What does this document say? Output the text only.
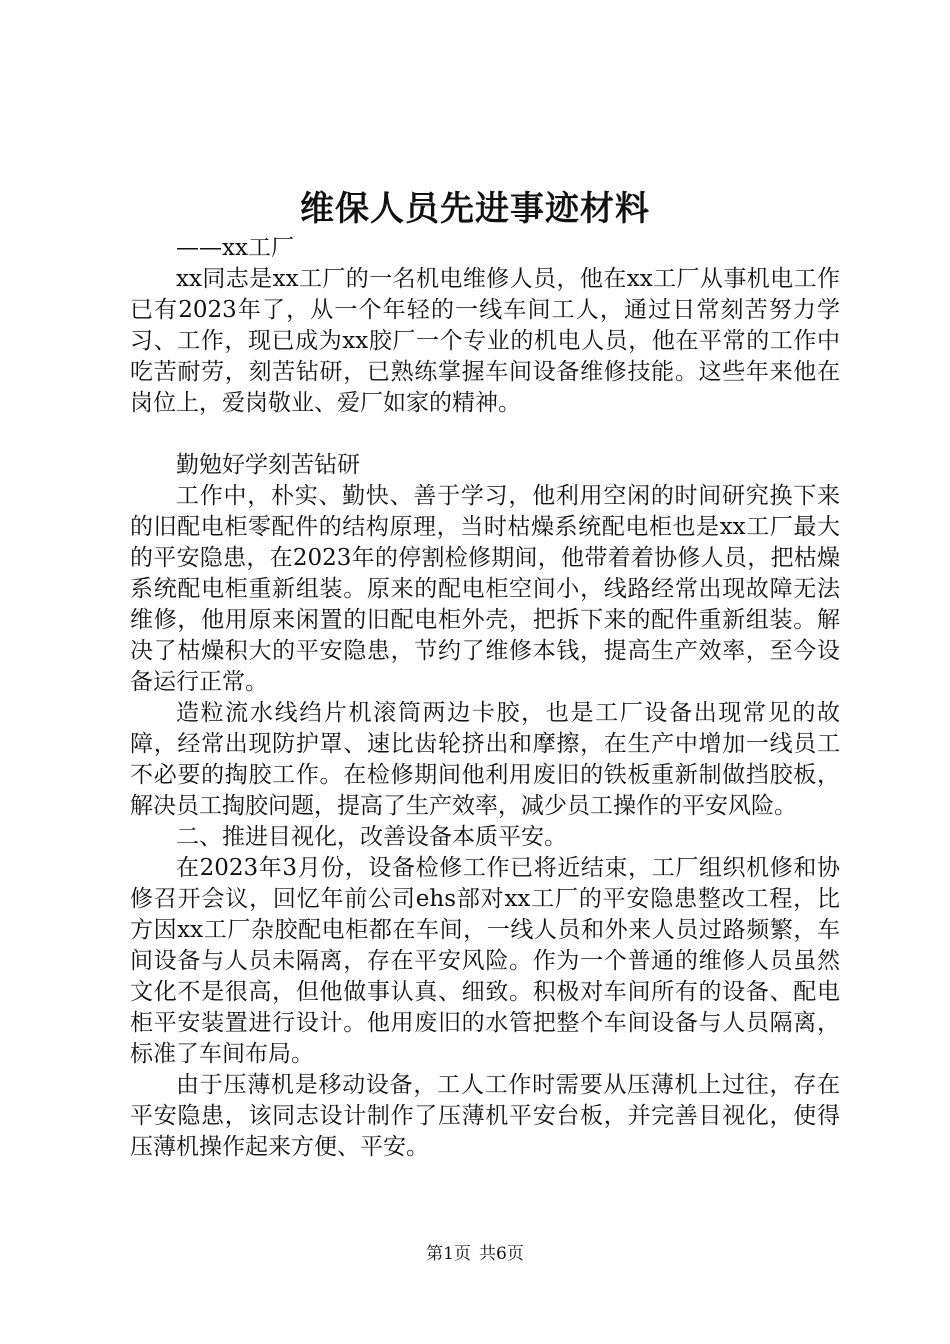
维保人员先进事迹材料

——xx工厂

xx同志是xx工厂的一名机电维修人员，他在xx工厂从事机电工作已有2023年了，从一个年轻的一线车间工人，通过日常刻苦努力学习、工作，现已成为xx胶厂一个专业的机电人员，他在平常的工作中吃苦耐劳，刻苦钻研，已熟练掌握车间设备维修技能。这些年来他在岗位上，爱岗敬业、爱厂如家的精神。

勤勉好学刻苦钻研

工作中，朴实、勤快、善于学习，他利用空闲的时间研究换下来的旧配电柜零配件的结构原理，当时枯燥系统配电柜也是xx工厂最大的平安隐患，在2023年的停割检修期间，他带着着协修人员，把枯燥系统配电柜重新组装。原来的配电柜空间小，线路经常出现故障无法维修，他用原来闲置的旧配电柜外壳，把拆下来的配件重新组装。解决了枯燥积大的平安隐患，节约了维修本钱，提高生产效率，至今设备运行正常。

造粒流水线绉片机滚筒两边卡胶，也是工厂设备出现常见的故障，经常出现防护罩、速比齿轮挤出和摩擦，在生产中增加一线员工不必要的掏胶工作。在检修期间他利用废旧的铁板重新制做挡胶板，解决员工掏胶问题，提高了生产效率，减少员工操作的平安风险。

二、推进目视化，改善设备本质平安。

在2023年3月份，设备检修工作已将近结束，工厂组织机修和协修召开会议，回忆年前公司ehs部对xx工厂的平安隐患整改工程，比方因xx工厂杂胶配电柜都在车间，一线人员和外来人员过路频繁，车间设备与人员未隔离，存在平安风险。作为一个普通的维修人员虽然文化不是很高，但他做事认真、细致。积极对车间所有的设备、配电柜平安装置进行设计。他用废旧的水管把整个车间设备与人员隔离，标准了车间布局。

由于压薄机是移动设备，工人工作时需要从压薄机上过往，存在平安隐患，该同志设计制作了压薄机平安台板，并完善目视化，使得压薄机操作起来方便、平安。

第1页 共6页
